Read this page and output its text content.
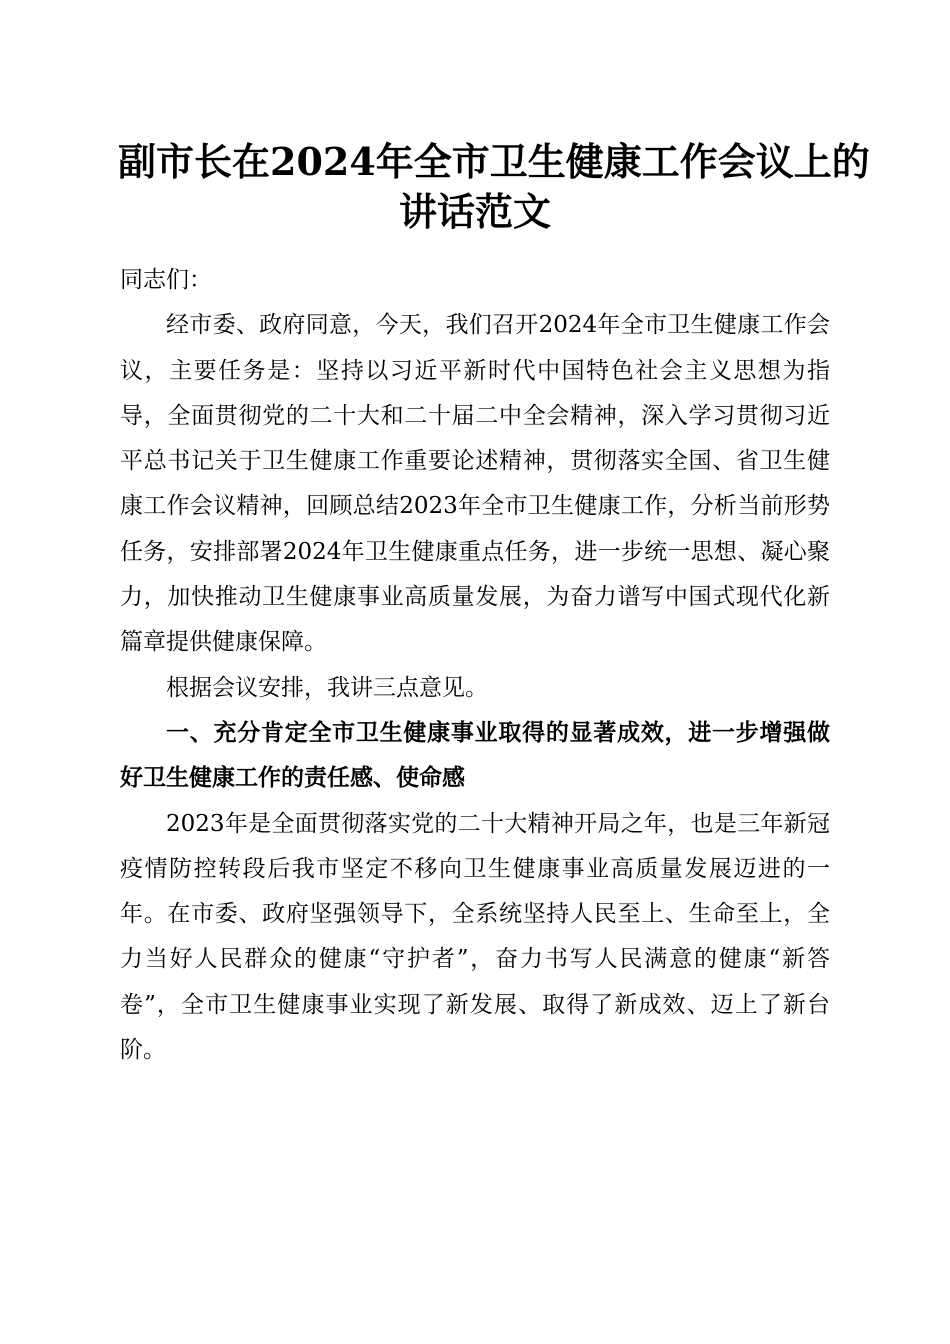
副市长在2024年全市卫生健康工作会议上的
讲话范文

同志们：

经市委、政府同意，今天，我们召开2024年全市卫生健康工作会议，主要任务是：坚持以习近平新时代中国特色社会主义思想为指导，全面贯彻党的二十大和二十届二中全会精神，深入学习贯彻习近平总书记关于卫生健康工作重要论述精神，贯彻落实全国、省卫生健康工作会议精神，回顾总结2023年全市卫生健康工作，分析当前形势任务，安排部署2024年卫生健康重点任务，进一步统一思想、凝心聚力，加快推动卫生健康事业高质量发展，为奋力谱写中国式现代化新篇章提供健康保障。

根据会议安排，我讲三点意见。

一、充分肯定全市卫生健康事业取得的显著成效，进一步增强做好卫生健康工作的责任感、使命感

2023年是全面贯彻落实党的二十大精神开局之年，也是三年新冠疫情防控转段后我市坚定不移向卫生健康事业高质量发展迈进的一年。在市委、政府坚强领导下，全系统坚持人民至上、生命至上，全力当好人民群众的健康“守护者”，奋力书写人民满意的健康“新答卷”，全市卫生健康事业实现了新发展、取得了新成效、迈上了新台阶。
